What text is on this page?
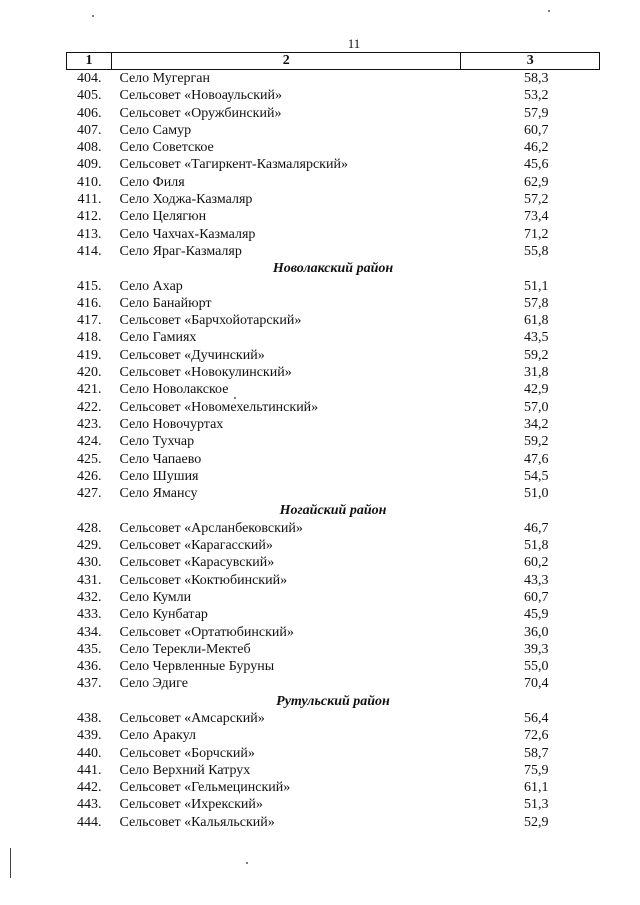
11
1	2	3
404.	Село Мугерган	58,3
405.	Сельсовет «Новоаульский»	53,2
406.	Сельсовет «Оружбинский»	57,9
407.	Село Самур	60,7
408.	Село Советское	46,2
409.	Сельсовет «Тагиркент-Казмалярский»	45,6
410.	Село Филя	62,9
411.	Село Ходжа-Казмаляр	57,2
412.	Село Целягюн	73,4
413.	Село Чахчах-Казмаляр	71,2
414.	Село Яраг-Казмаляр	55,8
Новолакский район		
415.	Село Ахар	51,1
416.	Село Банайюрт	57,8
417.	Сельсовет «Барчхойотарский»	61,8
418.	Село Гамиях	43,5
419.	Сельсовет «Дучинский»	59,2
420.	Сельсовет «Новокулинский»	31,8
421.	Село Новолакское	42,9
422.	Сельсовет «Новомехельтинский»	57,0
423.	Село Новочуртах	34,2
424.	Село Тухчар	59,2
425.	Село Чапаево	47,6
426.	Село Шушия	54,5
427.	Село Ямансу	51,0
Ногайский район		
428.	Сельсовет «Арсланбековский»	46,7
429.	Сельсовет «Карагасский»	51,8
430.	Сельсовет «Карасувский»	60,2
431.	Сельсовет «Коктюбинский»	43,3
432.	Село Кумли	60,7
433.	Село Кунбатар	45,9
434.	Сельсовет «Ортатюбинский»	36,0
435.	Село Терекли-Мектеб	39,3
436.	Село Червленные Буруны	55,0
437.	Село Эдиге	70,4
Рутульский район		
438.	Сельсовет «Амсарский»	56,4
439.	Село Аракул	72,6
440.	Сельсовет «Борчский»	58,7
441.	Село Верхний Катрух	75,9
442.	Сельсовет «Гельмецинский»	61,1
443.	Сельсовет «Ихрекский»	51,3
444.	Сельсовет «Кальяльский»	52,9
